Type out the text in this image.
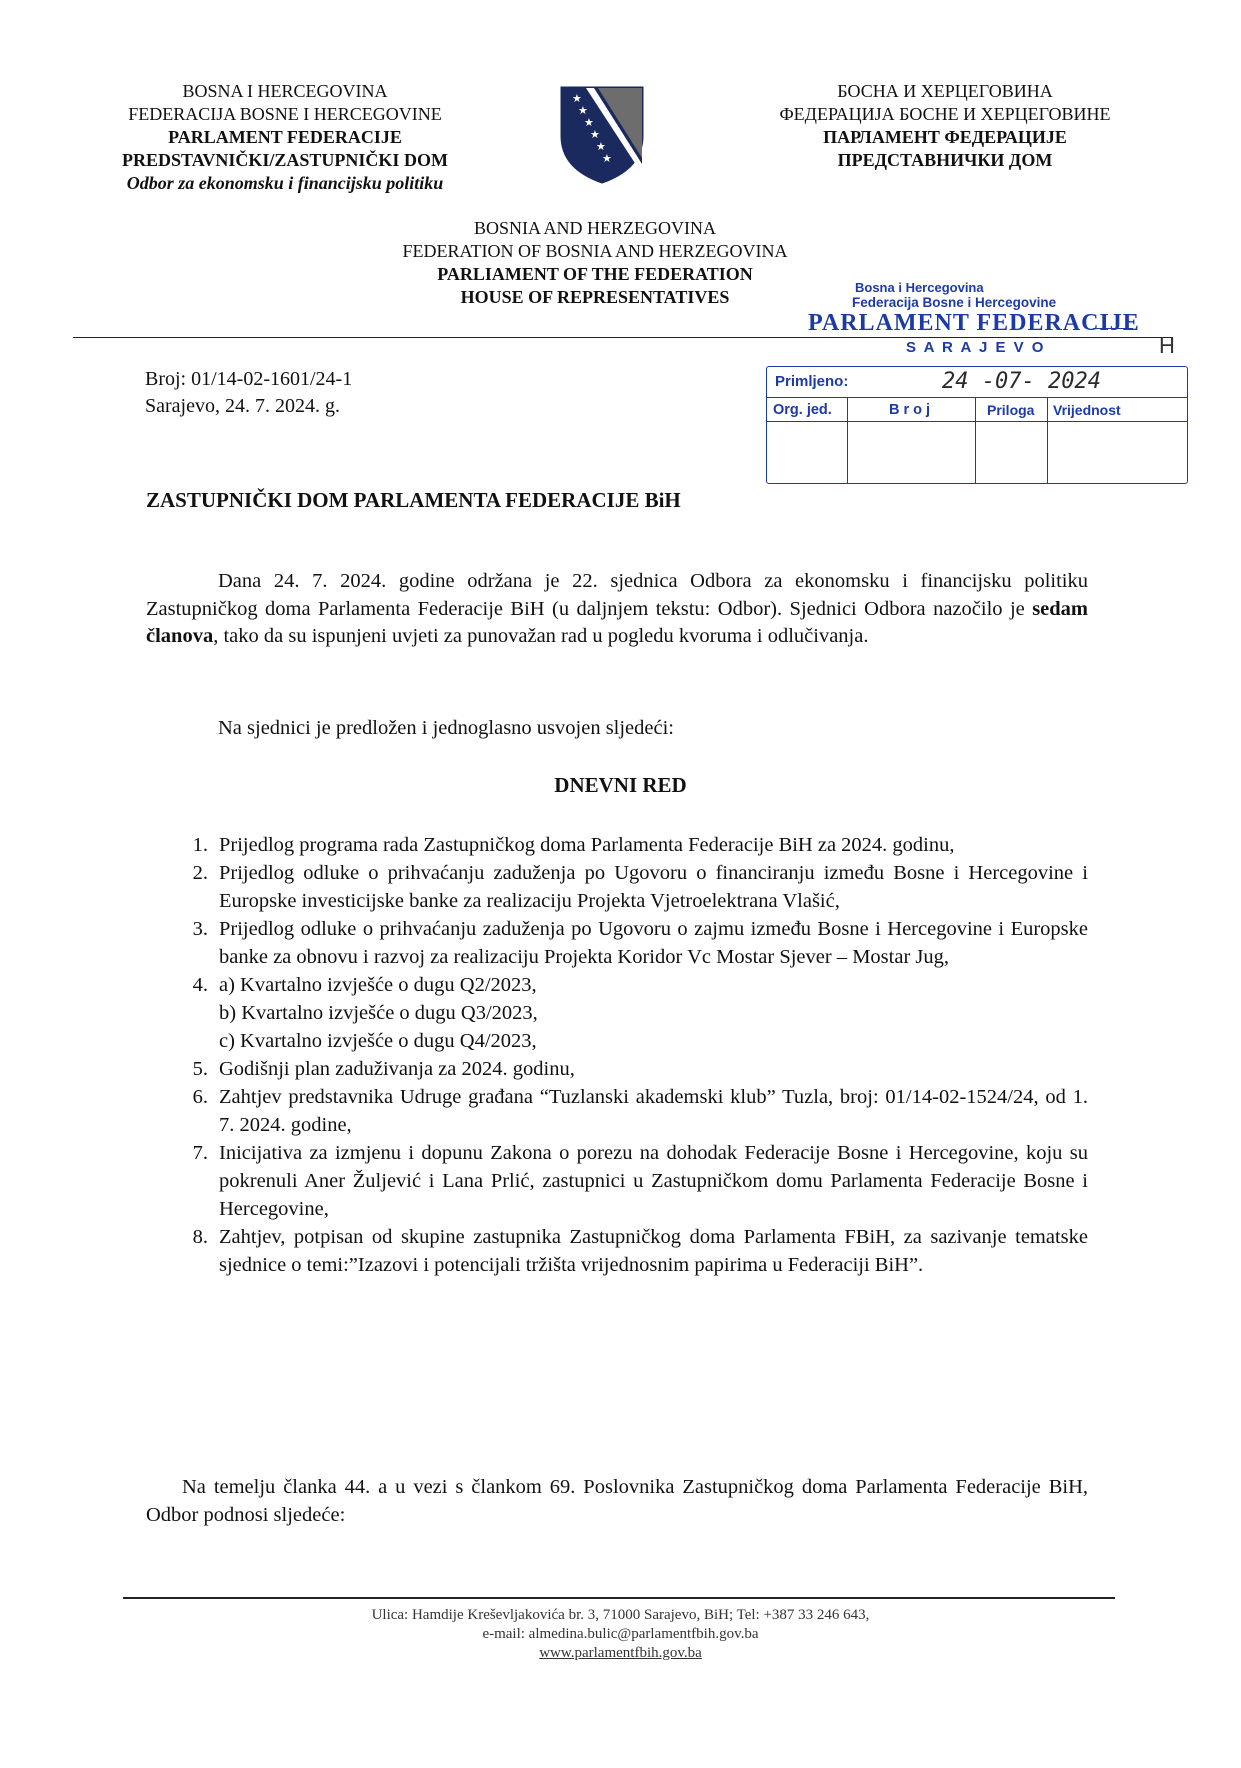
BOSNA I HERCEGOVINA
FEDERACIJA BOSNE I HERCEGOVINE
PARLAMENT FEDERACIJE
PREDSTAVNIČKI/ZASTUPNIČKI DOM
Odbor za ekonomsku i financijsku politiku
★
★
★
★
★
★
БОСНА И ХЕРЦЕГОВИНА
ФЕДЕРАЦИЈА БОСНЕ И ХЕРЦЕГОВИНЕ
ПАРЛАМЕНТ ФЕДЕРАЦИЈЕ
ПРЕДСТАВНИЧКИ ДОМ
BOSNIA AND HERZEGOVINA
FEDERATION OF BOSNIA AND HERZEGOVINA
PARLIAMENT OF THE FEDERATION
HOUSE OF REPRESENTATIVES	Bosna i Hercegovina
Federacija Bosne i Hercegovine
PARLAMENT FEDERACIJE
S A R A J E V O	H
Primljeno:	24 -07- 2024
Org. jed.	B r o j	Priloga Vrijednost
Broj: 01/14-02-1601/24-1
Sarajevo, 24. 7. 2024. g.
ZASTUPNIČKI DOM PARLAMENTA FEDERACIJE BiH

Dana 24. 7. 2024. godine održana je 22. sjednica Odbora za ekonomsku i financijsku politiku Zastupničkog doma Parlamenta Federacije BiH (u daljnjem tekstu: Odbor). Sjednici Odbora nazočilo je sedam članova, tako da su ispunjeni uvjeti za punovažan rad u pogledu kvoruma i odlučivanja.

Na sjednici je predložen i jednoglasno usvojen sljedeći:

DNEVNI RED
1. Prijedlog programa rada Zastupničkog doma Parlamenta Federacije BiH za 2024. godinu,
2. Prijedlog odluke o prihvaćanju zaduženja po Ugovoru o financiranju između Bosne i Hercegovine i Europske investicijske banke za realizaciju Projekta Vjetroelektrana Vlašić,
3. Prijedlog odluke o prihvaćanju zaduženja po Ugovoru o zajmu između Bosne i Hercegovine i Europske banke za obnovu i razvoj za realizaciju Projekta Koridor Vc Mostar Sjever – Mostar Jug,
4. a) Kvartalno izvješće o dugu Q2/2023,
b) Kvartalno izvješće o dugu Q3/2023,
c) Kvartalno izvješće o dugu Q4/2023,
5. Godišnji plan zaduživanja za 2024. godinu,
6. Zahtjev predstavnika Udruge građana “Tuzlanski akademski klub” Tuzla, broj: 01/14-02-1524/24, od 1. 7. 2024. godine,
7. Inicijativa za izmjenu i dopunu Zakona o porezu na dohodak Federacije Bosne i Hercegovine, koju su pokrenuli Aner Žuljević i Lana Prlić, zastupnici u Zastupničkom domu Parlamenta Federacije Bosne i Hercegovine,
8. Zahtjev, potpisan od skupine zastupnika Zastupničkog doma Parlamenta FBiH, za sazivanje tematske sjednice o temi:”Izazovi i potencijali tržišta vrijednosnim papirima u Federaciji BiH”.

Na temelju članka 44. a u vezi s člankom 69. Poslovnika Zastupničkog doma Parlamenta Federacije BiH, Odbor podnosi sljedeće:

Ulica: Hamdije Kreševljakovića br. 3, 71000 Sarajevo, BiH; Tel: +387 33 246 643,
e-mail: almedina.bulic@parlamentfbih.gov.ba
www.parlamentfbih.gov.ba
